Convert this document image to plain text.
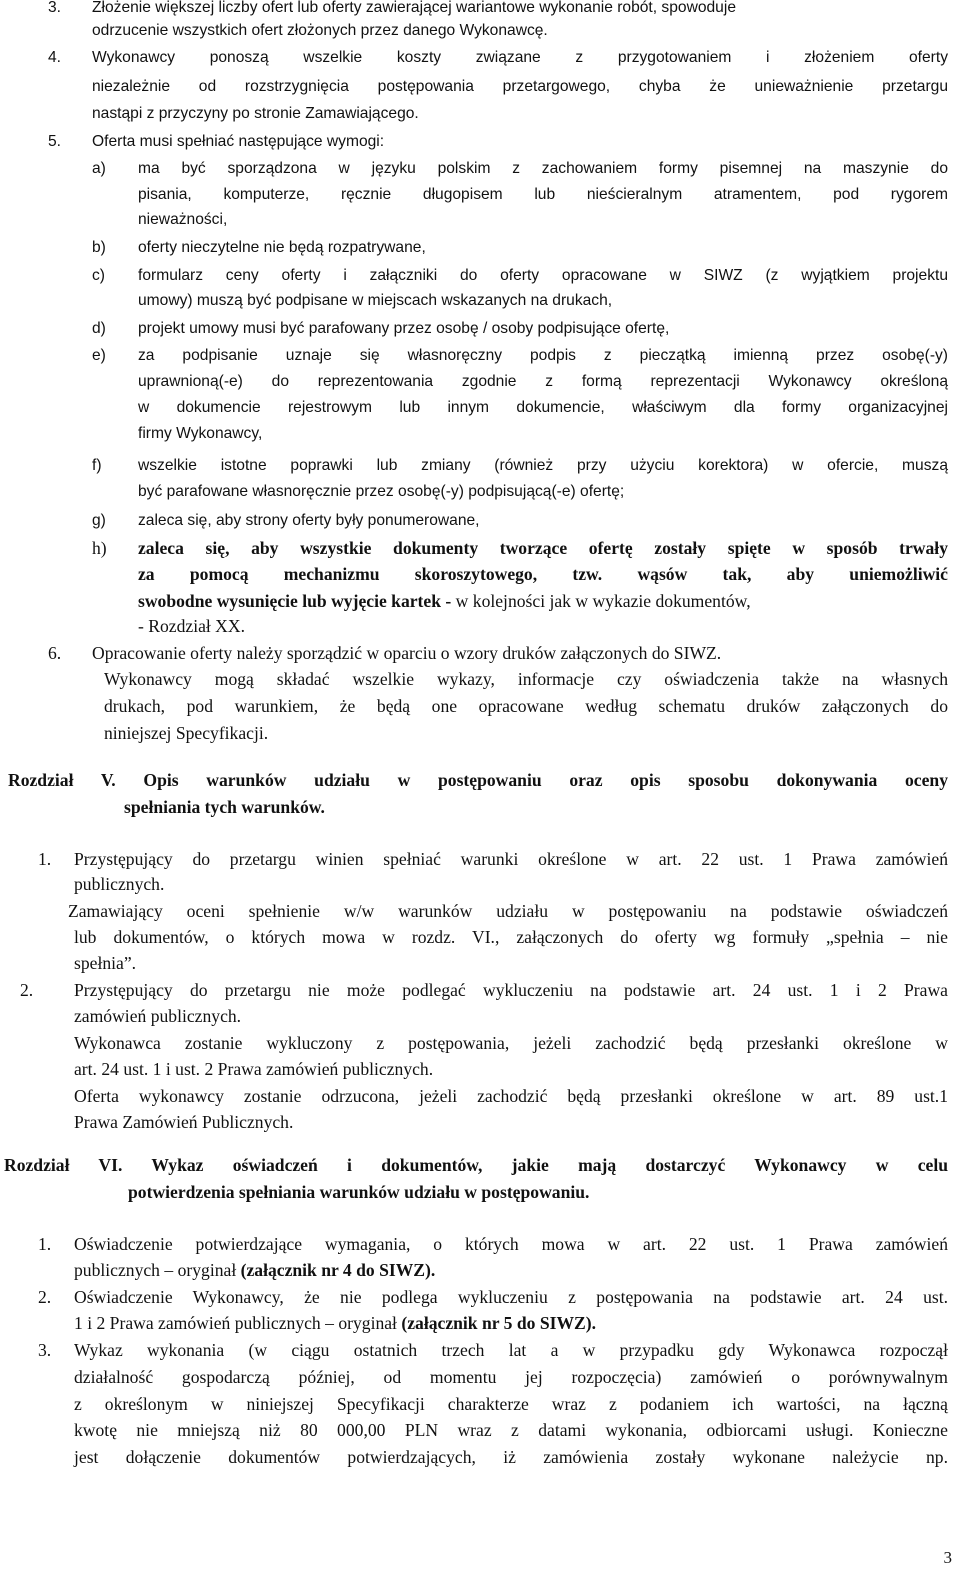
3. Złożenie większej liczby ofert lub oferty zawierającej wariantowe wykonanie robót, spowoduje
odrzucenie wszystkich ofert złożonych przez danego Wykonawcę.
4. Wykonawcy ponoszą wszelkie koszty związane z przygotowaniem i złożeniem oferty
niezależnie od rozstrzygnięcia postępowania przetargowego, chyba że unieważnienie przetargu
nastąpi z przyczyny po stronie Zamawiającego.
5. Oferta musi spełniać następujące wymogi:
a) ma być sporządzona w języku polskim z zachowaniem formy pisemnej na maszynie do
pisania, komputerze, ręcznie długopisem lub nieścieralnym atramentem, pod rygorem
nieważności,
b) oferty nieczytelne nie będą rozpatrywane,
c) formularz ceny oferty i załączniki do oferty opracowane w SIWZ (z wyjątkiem projektu
umowy) muszą być podpisane w miejscach wskazanych na drukach,
d) projekt umowy musi być parafowany przez osobę / osoby podpisujące ofertę,
e) za podpisanie uznaje się własnoręczny podpis z pieczątką imienną przez osobę(-y)
uprawnioną(-e) do reprezentowania zgodnie z formą reprezentacji Wykonawcy określoną
w dokumencie rejestrowym lub innym dokumencie, właściwym dla formy organizacyjnej
firmy Wykonawcy,
f) wszelkie istotne poprawki lub zmiany (również przy użyciu korektora) w ofercie, muszą
być parafowane własnoręcznie przez osobę(-y) podpisującą(-e) ofertę;
g) zaleca się, aby strony oferty były ponumerowane,
h) zaleca się, aby wszystkie dokumenty tworzące ofertę zostały spięte w sposób trwały
za pomocą mechanizmu skoroszytowego, tzw. wąsów tak, aby uniemożliwić
swobodne wysunięcie lub wyjęcie kartek - w kolejności jak w wykazie dokumentów,
- Rozdział XX.
6. Opracowanie oferty należy sporządzić w oparciu o wzory druków załączonych do SIWZ.
Wykonawcy mogą składać wszelkie wykazy, informacje czy oświadczenia także na własnych
drukach, pod warunkiem, że będą one opracowane według schematu druków załączonych do
niniejszej Specyfikacji.
Rozdział V. Opis warunków udziału w postępowaniu oraz opis sposobu dokonywania oceny
spełniania tych warunków.
1. Przystępujący do przetargu winien spełniać warunki określone w art. 22 ust. 1 Prawa zamówień
publicznych.
Zamawiający oceni spełnienie w/w warunków udziału w postępowaniu na podstawie oświadczeń
lub dokumentów, o których mowa w rozdz. VI., załączonych do oferty wg formuły „spełnia – nie
spełnia”.
2. Przystępujący do przetargu nie może podlegać wykluczeniu na podstawie art. 24 ust. 1 i 2 Prawa
zamówień publicznych.
Wykonawca zostanie wykluczony z postępowania, jeżeli zachodzić będą przesłanki określone w
art. 24 ust. 1 i ust. 2 Prawa zamówień publicznych.
Oferta wykonawcy zostanie odrzucona, jeżeli zachodzić będą przesłanki określone w art. 89 ust.1
Prawa Zamówień Publicznych.
Rozdział VI. Wykaz oświadczeń i dokumentów, jakie mają dostarczyć Wykonawcy w celu
potwierdzenia spełniania warunków udziału w postępowaniu.
1. Oświadczenie potwierdzające wymagania, o których mowa w art. 22 ust. 1 Prawa zamówień
publicznych – oryginał (załącznik nr 4 do SIWZ).
2. Oświadczenie Wykonawcy, że nie podlega wykluczeniu z postępowania na podstawie art. 24 ust.
1 i 2 Prawa zamówień publicznych – oryginał (załącznik nr 5 do SIWZ).
3. Wykaz wykonania (w ciągu ostatnich trzech lat a w przypadku gdy Wykonawca rozpoczął
działalność gospodarczą później, od momentu jej rozpoczęcia) zamówień o porównywalnym
z określonym w niniejszej Specyfikacji charakterze wraz z podaniem ich wartości, na łączną
kwotę nie mniejszą niż 80 000,00 PLN wraz z datami wykonania, odbiorcami usługi. Konieczne
jest dołączenie dokumentów potwierdzających, iż zamówienia zostały wykonane należycie np.
3
